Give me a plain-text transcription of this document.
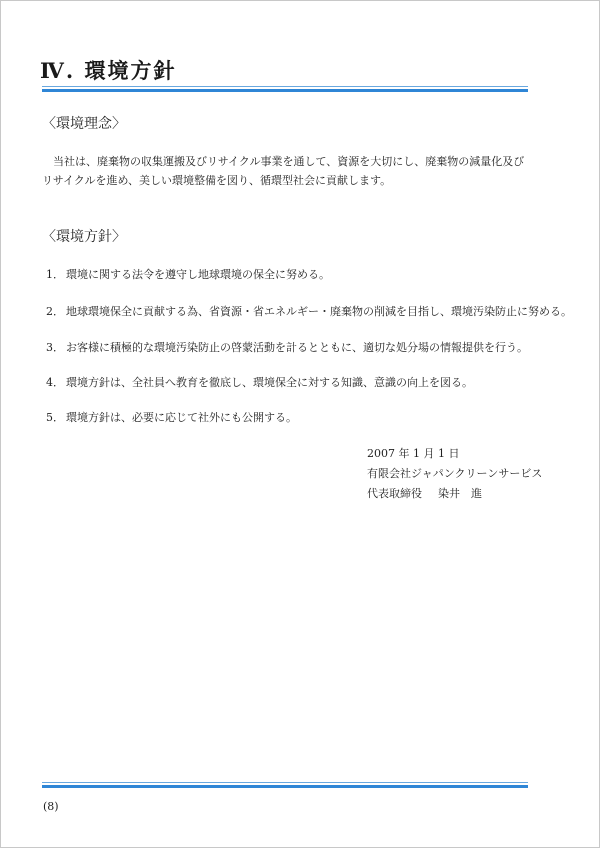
Ⅳ. 環境方針
〈環境理念〉
当社は、廃棄物の収集運搬及びリサイクル事業を通して、資源を大切にし、廃棄物の減量化及びリサイクルを進め、美しい環境整備を図り、循環型社会に貢献します。
〈環境方針〉
1． 環境に関する法令を遵守し地球環境の保全に努める。
2． 地球環境保全に貢献する為、省資源・省エネルギー・廃棄物の削減を目指し、環境汚染防止に努める。
3． お客様に積極的な環境汚染防止の啓蒙活動を計るとともに、適切な処分場の情報提供を行う。
4． 環境方針は、全社員へ教育を徹底し、環境保全に対する知識、意識の向上を図る。
5． 環境方針は、必要に応じて社外にも公開する。
2007 年 1 月 1 日
有限会社ジャパンクリーンサービス
代表取締役 染井　進
(8)
